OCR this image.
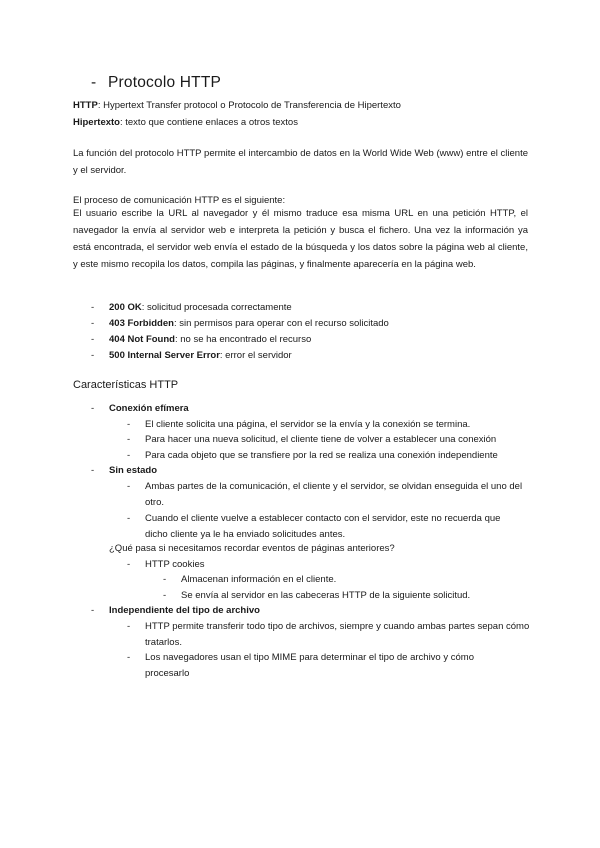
- Protocolo HTTP
HTTP: Hypertext Transfer protocol o Protocolo de Transferencia de Hipertexto
Hipertexto: texto que contiene enlaces a otros textos
La función del protocolo HTTP permite el intercambio de datos en la World Wide Web (www) entre el cliente y el servidor.
El proceso de comunicación HTTP es el siguiente:
El usuario escribe la URL al navegador y él mismo traduce esa misma URL en una petición HTTP, el navegador la envía al servidor web e interpreta la petición y busca el fichero. Una vez la información ya está encontrada, el servidor web envía el estado de la búsqueda y los datos sobre la página web al cliente, y este mismo recopila los datos, compila las páginas, y finalmente aparecería en la página web.
- 200 OK: solicitud procesada correctamente
- 403 Forbidden: sin permisos para operar con el recurso solicitado
- 404 Not Found: no se ha encontrado el recurso
- 500 Internal Server Error: error el servidor
Características HTTP
- Conexión efímera
- El cliente solicita una página, el servidor se la envía y la conexión se termina.
- Para hacer una nueva solicitud, el cliente tiene de volver a establecer una conexión
- Para cada objeto que se transfiere por la red se realiza una conexión independiente
- Sin estado
- Ambas partes de la comunicación, el cliente y el servidor, se olvidan enseguida el uno del otro.
- Cuando el cliente vuelve a establecer contacto con el servidor, este no recuerda que dicho cliente ya le ha enviado solicitudes antes.
¿Qué pasa si necesitamos recordar eventos de páginas anteriores?
- HTTP cookies
- Almacenan información en el cliente.
- Se envía al servidor en las cabeceras HTTP de la siguiente solicitud.
- Independiente del tipo de archivo
- HTTP permite transferir todo tipo de archivos, siempre y cuando ambas partes sepan cómo tratarlos.
- Los navegadores usan el tipo MIME para determinar el tipo de archivo y cómo procesarlo
